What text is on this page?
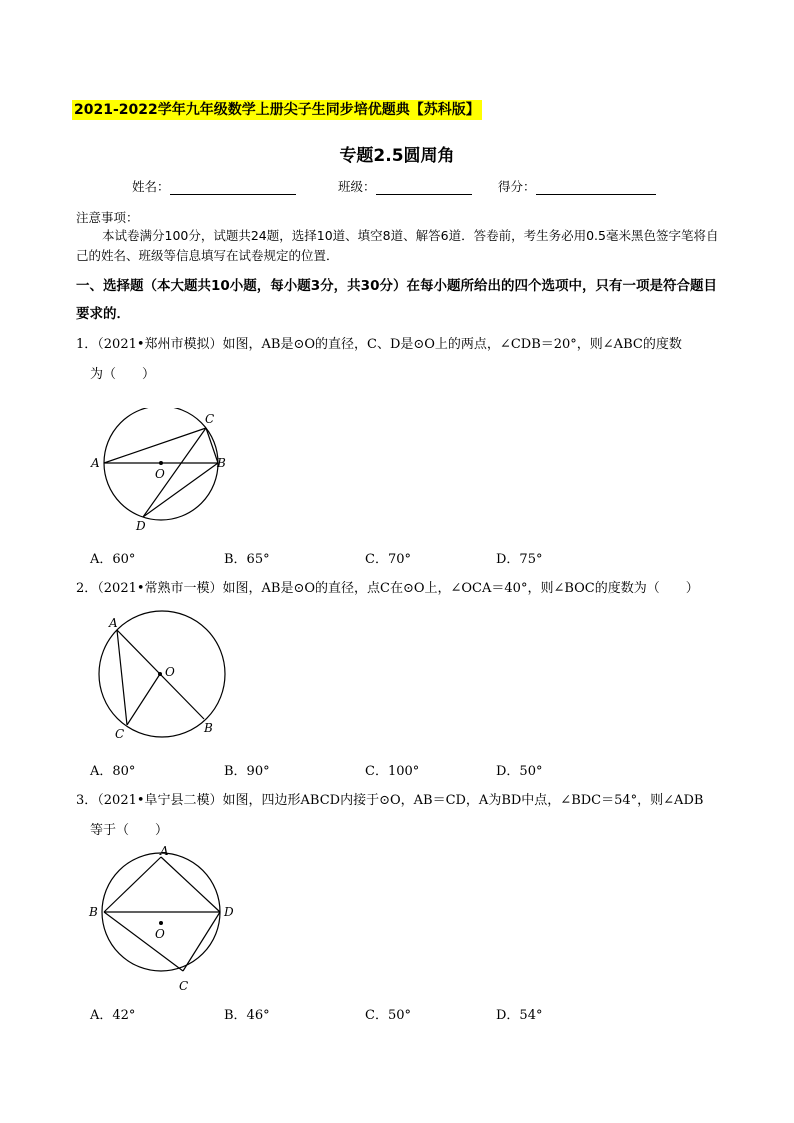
2021-2022学年九年级数学上册尖子生同步培优题典【苏科版】
专题2.5圆周角
姓名：	班级：	得分：
注意事项：
本试卷满分100分，试题共24题，选择10道、填空8道、解答6道．答卷前，考生务必用0.5毫米黑色签字笔将自己的姓名、班级等信息填写在试卷规定的位置．
一、选择题（本大题共10小题，每小题3分，共30分）在每小题所给出的四个选项中，只有一项是符合题目要求的．
1．（2021•郑州市模拟）如图，AB是⊙O的直径，C、D是⊙O上的两点，∠CDB＝20°，则∠ABC的度数
为（　　）
A	B
C
D
O
A．60°	B．65°	C．70°	D．75°
2．（2021•常熟市一模）如图，AB是⊙O的直径，点C在⊙O上，∠OCA＝40°，则∠BOC的度数为（　　）
A
B
C
O
A．80°	B．90°	C．100°	D．50°
3．（2021•阜宁县二模）如图，四边形ABCD内接于⊙O，AB＝CD，A为BD中点，∠BDC＝54°，则∠ADB
等于（　　）
A
B
C
D
O
A．42°	B．46°	C．50°	D．54°
